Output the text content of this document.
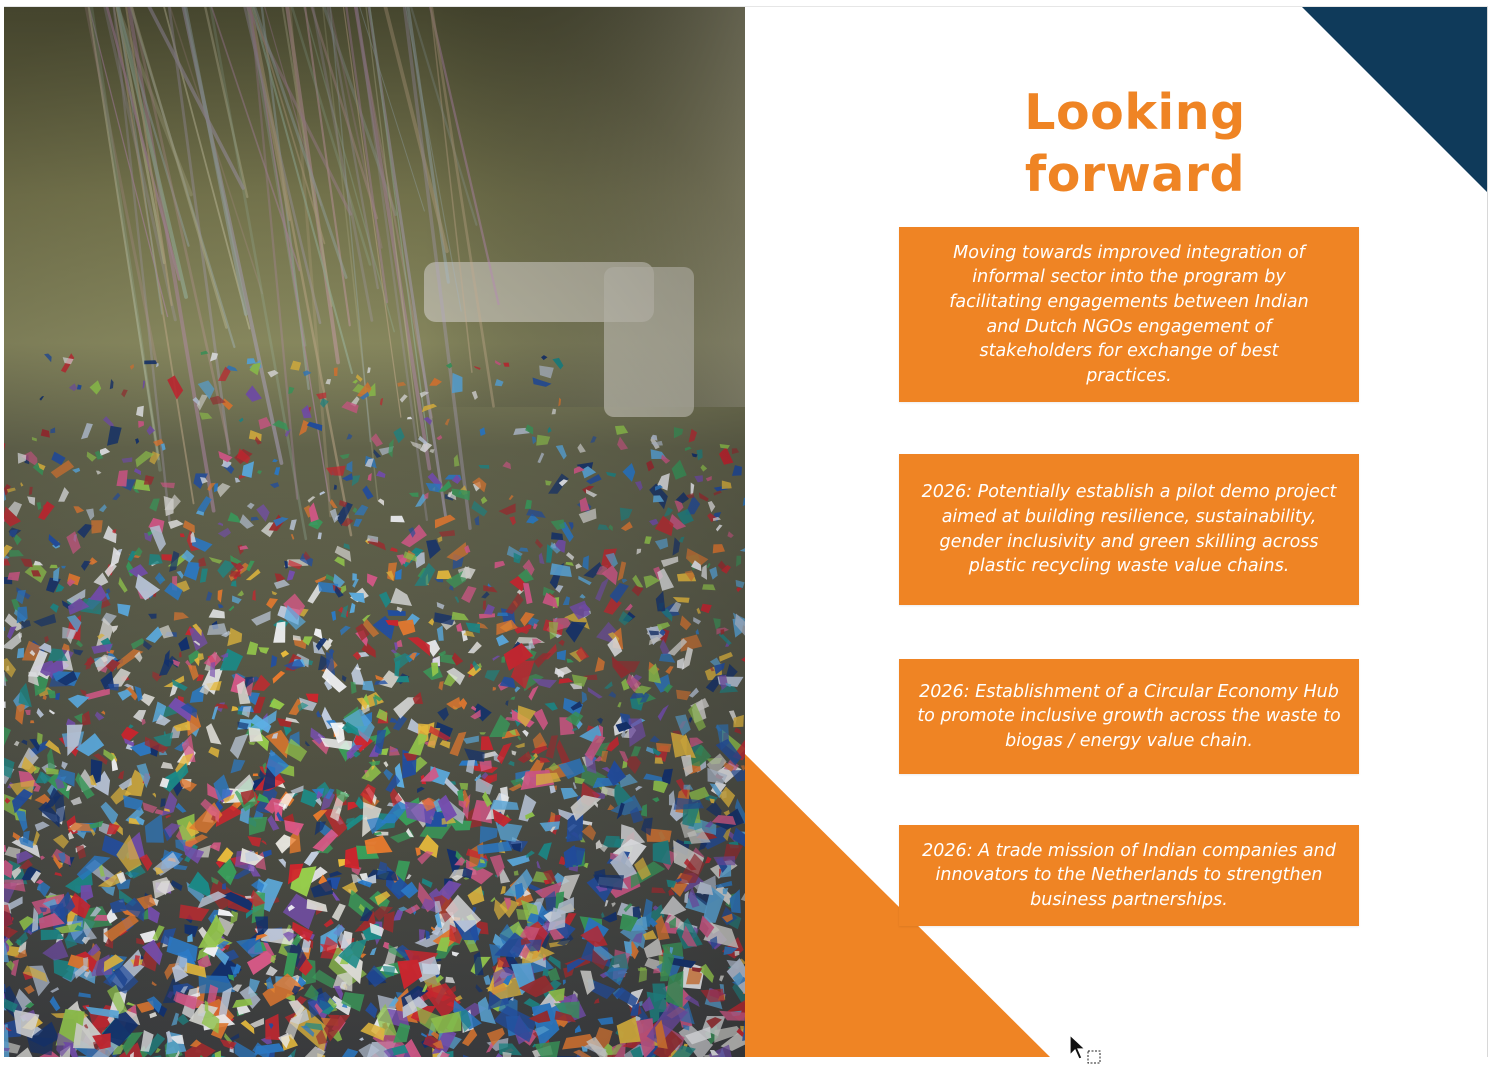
Looking
forward

Moving towards improved integration of informal sector into the program by facilitating engagements between Indian and Dutch NGOs engagement of stakeholders for exchange of best practices.

2026: Potentially establish a pilot demo project aimed at building resilience, sustainability, gender inclusivity and green skilling across plastic recycling waste value chains.

2026: Establishment of a Circular Economy Hub to promote inclusive growth across the waste to biogas / energy value chain.

2026: A trade mission of Indian companies and innovators to the Netherlands to strengthen business partnerships.
